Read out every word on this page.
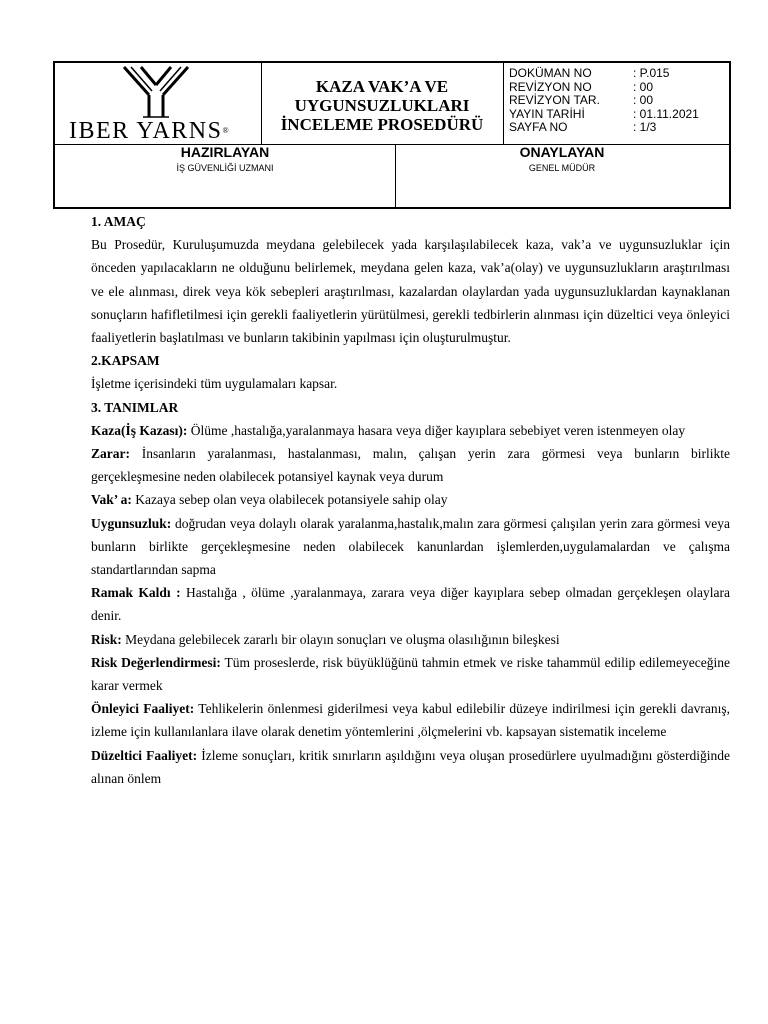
IBER YARNS®
KAZA VAK’A VE
UYGUNSUZLUKLARI
İNCELEME PROSEDÜRÜ
DOKÜMAN NO	: P.015
REVİZYON NO	: 00
REVİZYON TAR.	: 00
YAYIN TARİHİ	: 01.11.2021
SAYFA NO	: 1/3
HAZIRLAYAN
İŞ GÜVENLİĞİ UZMANI
ONAYLAYAN
GENEL MÜDÜR

1. AMAÇ

Bu Prosedür, Kuruluşumuzda meydana gelebilecek yada karşılaşılabilecek kaza, vak’a ve uygunsuzluklar için önceden yapılacakların ne olduğunu belirlemek, meydana gelen kaza, vak’a(olay) ve uygunsuzlukların araştırılması ve ele alınması, direk veya kök sebepleri araştırılması, kazalardan olaylardan yada uygunsuzluklardan kaynaklanan sonuçların hafifletilmesi için gerekli faaliyetlerin yürütülmesi, gerekli tedbirlerin alınması için düzeltici veya önleyici faaliyetlerin başlatılması ve bunların takibinin yapılması için oluşturulmuştur.

2.KAPSAM

İşletme içerisindeki tüm uygulamaları kapsar.

3. TANIMLAR

Kaza(İş Kazası): Ölüme ,hastalığa,yaralanmaya hasara veya diğer kayıplara sebebiyet veren istenmeyen olay

Zarar: İnsanların yaralanması, hastalanması, malın, çalışan yerin zara görmesi veya bunların birlikte gerçekleşmesine neden olabilecek potansiyel kaynak veya durum

Vak’ a: Kazaya sebep olan veya olabilecek potansiyele sahip olay

Uygunsuzluk: doğrudan veya dolaylı olarak yaralanma,hastalık,malın zara görmesi çalışılan yerin zara görmesi veya bunların birlikte gerçekleşmesine neden olabilecek kanunlardan işlemlerden,uygulamalardan ve çalışma standartlarından sapma

Ramak Kaldı : Hastalığa , ölüme ,yaralanmaya, zarara veya diğer kayıplara sebep olmadan gerçekleşen olaylara denir.

Risk: Meydana gelebilecek zararlı bir olayın sonuçları ve oluşma olasılığının bileşkesi

Risk Değerlendirmesi: Tüm proseslerde, risk büyüklüğünü tahmin etmek ve riske tahammül edilip edilemeyeceğine karar vermek

Önleyici Faaliyet: Tehlikelerin önlenmesi giderilmesi veya kabul edilebilir düzeye indirilmesi için gerekli davranış, izleme için kullanılanlara ilave olarak denetim yöntemlerini ,ölçmelerini vb. kapsayan sistematik inceleme

Düzeltici Faaliyet: İzleme sonuçları, kritik sınırların aşıldığını veya oluşan prosedürlere uyulmadığını gösterdiğinde alınan önlem
